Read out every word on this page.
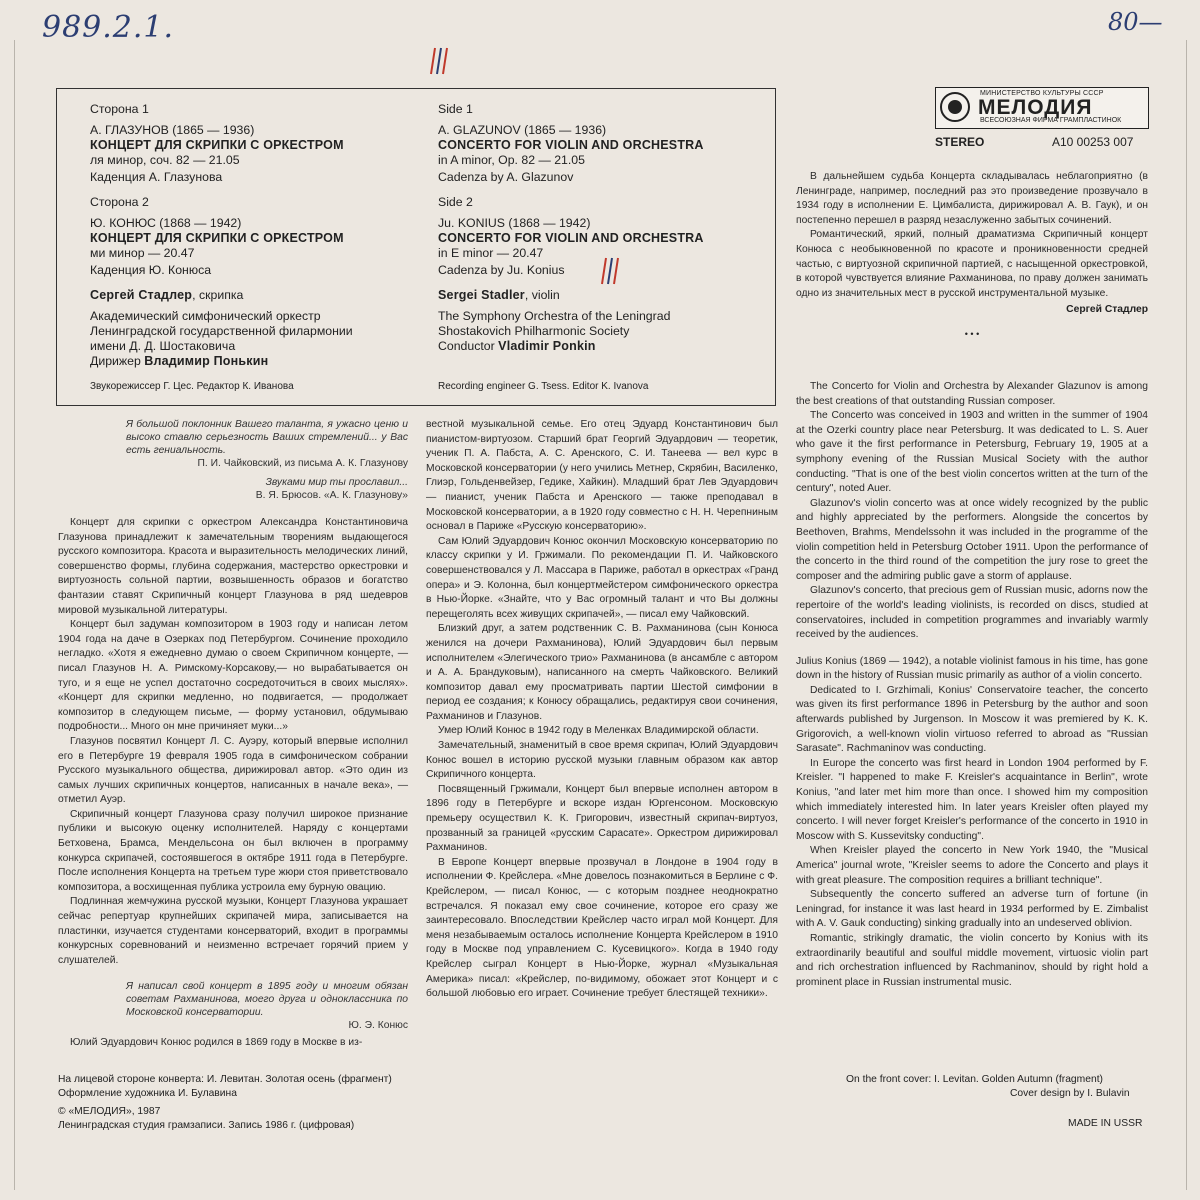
989.2.1.	80—
Сторона 1
А. ГЛАЗУНОВ (1865 — 1936)
КОНЦЕРТ ДЛЯ СКРИПКИ С ОРКЕСТРОМ
ля минор, соч. 82 — 21.05
Каденция А. Глазунова
Сторона 2
Ю. КОНЮС (1868 — 1942)
КОНЦЕРТ ДЛЯ СКРИПКИ С ОРКЕСТРОМ
ми минор — 20.47
Каденция Ю. Конюса
Сергей Стадлер, скрипка
Академический симфонический оркестр
Ленинградской государственной филармонии
имени Д. Д. Шостаковича
Дирижер Владимир Понькин
Звукорежиссер Г. Цес. Редактор К. Иванова
Side 1
A. GLAZUNOV (1865 — 1936)
CONCERTO FOR VIOLIN AND ORCHESTRA
in A minor, Op. 82 — 21.05
Cadenza by A. Glazunov
Side 2
Ju. KONIUS (1868 — 1942)
CONCERTO FOR VIOLIN AND ORCHESTRA
in E minor — 20.47
Cadenza by Ju. Konius
Sergei Stadler, violin
The Symphony Orchestra of the Leningrad
Shostakovich Philharmonic Society
Conductor Vladimir Ponkin
Recording engineer G. Tsess. Editor K. Ivanova
МИНИСТЕРСТВО КУЛЬТУРЫ СССР
МЕЛОДИЯ
ВСЕСОЮЗНАЯ ФИРМА ГРАМПЛАСТИНОК
STEREO	А10 00253 007

В дальнейшем судьба Концерта складывалась неблагоприятно (в Ленинграде, например, последний раз это произведение прозвучало в 1934 году в исполнении Е. Цимбалиста, дирижировал А. В. Гаук), и он постепенно перешел в разряд незаслуженно забытых сочинений.

Романтический, яркий, полный драматизма Скрипичный концерт Конюса с необыкновенной по красоте и проникновенности средней частью, с виртуозной скрипичной партией, с насыщенной оркестровкой, в которой чувствуется влияние Рахманинова, по праву должен занимать одно из значительных мест в русской инструментальной музыке.

Сергей Стадлер
• • •

The Concerto for Violin and Orchestra by Alexander Glazunov is among the best creations of that outstanding Russian composer.

The Concerto was conceived in 1903 and written in the summer of 1904 at the Ozerki country place near Petersburg. It was dedicated to L. S. Auer who gave it the first performance in Petersburg, February 19, 1905 at a symphony evening of the Russian Musical Society with the author conducting. "That is one of the best violin concertos written at the turn of the century", noted Auer.

Glazunov's violin concerto was at once widely recognized by the public and highly appreciated by the performers. Alongside the concertos by Beethoven, Brahms, Mendelssohn it was included in the programme of the violin competition held in Petersburg October 1911. Upon the performance of the concerto in the third round of the competition the jury rose to greet the composer and the admiring public gave a storm of applause.

Glazunov's concerto, that precious gem of Russian music, adorns now the repertoire of the world's leading violinists, is recorded on discs, studied at conservatoires, included in competition programmes and invariably warmly received by the audiences.

Julius Konius (1869 — 1942), a notable violinist famous in his time, has gone down in the history of Russian music primarily as author of a violin concerto.

Dedicated to I. Grzhimali, Konius' Conservatoire teacher, the concerto was given its first performance 1896 in Petersburg by the author and soon afterwards published by Jurgenson. In Moscow it was premiered by K. K. Grigorovich, a well-known violin virtuoso referred to abroad as "Russian Sarasate". Rachmaninov was conducting.

In Europe the concerto was first heard in London 1904 performed by F. Kreisler. "I happened to make F. Kreisler's acquaintance in Berlin", wrote Konius, "and later met him more than once. I showed him my composition which immediately interested him. In later years Kreisler often played my concerto. I will never forget Kreisler's performance of the concerto in 1910 in Moscow with S. Kussevitsky conducting".

When Kreisler played the concerto in New York 1940, the "Musical America" journal wrote, "Kreisler seems to adore the Concerto and plays it with great pleasure. The composition requires a brilliant technique".

Subsequently the concerto suffered an adverse turn of fortune (in Leningrad, for instance it was last heard in 1934 performed by E. Zimbalist with A. V. Gauk conducting) sinking gradually into an undeserved oblivion.

Romantic, strikingly dramatic, the violin concerto by Konius with its extraordinarily beautiful and soulful middle movement, virtuosic violin part and rich orchestration influenced by Rachmaninov, should by right hold a prominent place in Russian instrumental music.

Я большой поклонник Вашего таланта, я ужасно ценю и высоко ставлю серьезность Ваших стремлений... у Вас есть гениальность.
П. И. Чайковский, из письма А. К. Глазунову
Звуками мир ты прославил...
В. Я. Брюсов. «А. К. Глазунову»

Концерт для скрипки с оркестром Александра Константиновича Глазунова принадлежит к замечательным творениям выдающегося русского композитора. Красота и выразительность мелодических линий, совершенство формы, глубина содержания, мастерство оркестровки и виртуозность сольной партии, возвышенность образов и богатство фантазии ставят Скрипичный концерт Глазунова в ряд шедевров мировой музыкальной литературы.

Концерт был задуман композитором в 1903 году и написан летом 1904 года на даче в Озерках под Петербургом. Сочинение проходило негладко. «Хотя я ежедневно думаю о своем Скрипичном концерте, — писал Глазунов Н. А. Римскому-Корсакову,— но вырабатывается он туго, и я еще не успел достаточно сосредоточиться в своих мыслях». «Концерт для скрипки медленно, но подвигается, — продолжает композитор в следующем письме, — форму установил, обдумываю подробности... Много он мне причиняет муки...»

Глазунов посвятил Концерт Л. С. Ауэру, который впервые исполнил его в Петербурге 19 февраля 1905 года в симфоническом собрании Русского музыкального общества, дирижировал автор. «Это один из самых лучших скрипичных концертов, написанных в начале века», — отметил Ауэр.

Скрипичный концерт Глазунова сразу получил широкое признание публики и высокую оценку исполнителей. Наряду с концертами Бетховена, Брамса, Мендельсона он был включен в программу конкурса скрипачей, состоявшегося в октябре 1911 года в Петербурге. После исполнения Концерта на третьем туре жюри стоя приветствовало композитора, а восхищенная публика устроила ему бурную овацию.

Подлинная жемчужина русской музыки, Концерт Глазунова украшает сейчас репертуар крупнейших скрипачей мира, записывается на пластинки, изучается студентами консерваторий, входит в программы конкурсных соревнований и неизменно встречает горячий прием у слушателей.

Я написал свой концерт в 1895 году и многим обязан советам Рахманинова, моего друга и одноклассника по Московской консерватории.
Ю. Э. Конюс

Юлий Эдуардович Конюс родился в 1869 году в Москве в из-

вестной музыкальной семье. Его отец Эдуард Константинович был пианистом-виртуозом. Старший брат Георгий Эдуардович — теоретик, ученик П. А. Пабста, А. С. Аренского, С. И. Танеева — вел курс в Московской консерватории (у него учились Метнер, Скрябин, Василенко, Глиэр, Гольденвейзер, Гедике, Хайкин). Младший брат Лев Эдуардович — пианист, ученик Пабста и Аренского — также преподавал в Московской консерватории, а в 1920 году совместно с Н. Н. Черепниным основал в Париже «Русскую консерваторию».

Сам Юлий Эдуардович Конюс окончил Московскую консерваторию по классу скрипки у И. Гржимали. По рекомендации П. И. Чайковского совершенствовался у Л. Массара в Париже, работал в оркестрах «Гранд опера» и Э. Колонна, был концертмейстером симфонического оркестра в Нью-Йорке. «Знайте, что у Вас огромный талант и что Вы должны перещеголять всех живущих скрипачей», — писал ему Чайковский.

Близкий друг, а затем родственник С. В. Рахманинова (сын Конюса женился на дочери Рахманинова), Юлий Эдуардович был первым исполнителем «Элегического трио» Рахманинова (в ансамбле с автором и А. А. Брандуковым), написанного на смерть Чайковского. Великий композитор давал ему просматривать партии Шестой симфонии в период ее создания; к Конюсу обращались, редактируя свои сочинения, Рахманинов и Глазунов.

Умер Юлий Конюс в 1942 году в Меленках Владимирской области.

Замечательный, знаменитый в свое время скрипач, Юлий Эдуардович Конюс вошел в историю русской музыки главным образом как автор Скрипичного концерта.

Посвященный Гржимали, Концерт был впервые исполнен автором в 1896 году в Петербурге и вскоре издан Юргенсоном. Московскую премьеру осуществил К. К. Григорович, известный скрипач-виртуоз, прозванный за границей «русским Сарасате». Оркестром дирижировал Рахманинов.

В Европе Концерт впервые прозвучал в Лондоне в 1904 году в исполнении Ф. Крейслера. «Мне довелось познакомиться в Берлине с Ф. Крейслером, — писал Конюс, — с которым позднее неоднократно встречался. Я показал ему свое сочинение, которое его сразу же заинтересовало. Впоследствии Крейслер часто играл мой Концерт. Для меня незабываемым осталось исполнение Концерта Крейслером в 1910 году в Москве под управлением С. Кусевицкого». Когда в 1940 году Крейслер сыграл Концерт в Нью-Йорке, журнал «Музыкальная Америка» писал: «Крейслер, по-видимому, обожает этот Концерт и с большой любовью его играет. Сочинение требует блестящей техники».

На лицевой стороне конверта: И. Левитан. Золотая осень (фрагмент)
Оформление художника И. Булавина
© «МЕЛОДИЯ», 1987
Ленинградская студия грамзаписи. Запись 1986 г. (цифровая)
On the front cover: I. Levitan. Golden Autumn (fragment)
Cover design by I. Bulavin
MADE IN USSR
